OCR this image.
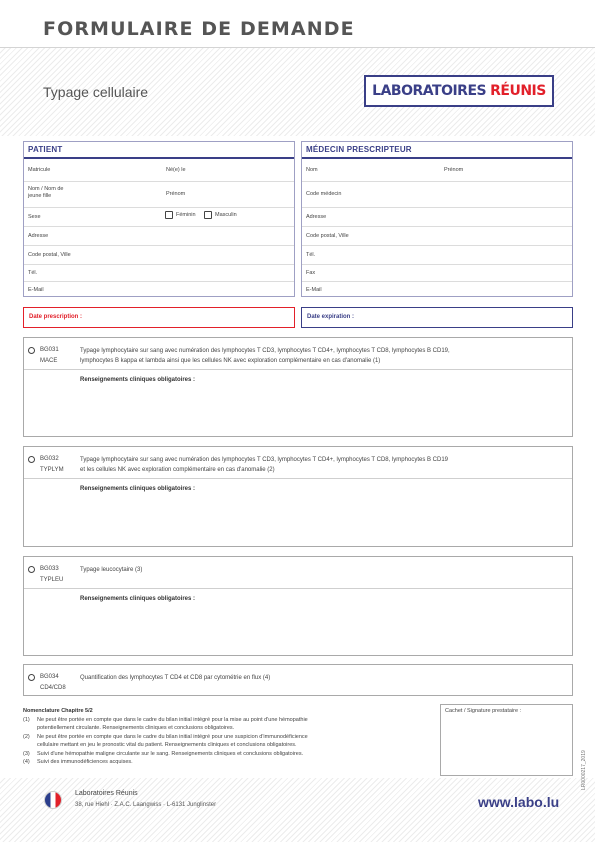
FORMULAIRE DE DEMANDE
Typage cellulaire	LABORATOIRES RÉUNIS
PATIENT
Matricule	Né(e) le
Nom / Nom de
jeune fille	Prénom
Sexe	Féminin	Masculin
Adresse
Code postal, Ville
Tél.
E-Mail
MÉDECIN PRESCRIPTEUR
Nom	Prénom
Code médecin
Adresse
Code postal, Ville
Tél.
Fax
E-Mail
Date prescription :	Date expiration :
BG031
MACE
Typage lymphocytaire sur sang avec numération des lymphocytes T CD3, lymphocytes T CD4+, lymphocytes T CD8, lymphocytes B CD19,
lymphocytes B kappa et lambda ainsi que les cellules NK avec exploration complémentaire en cas d'anomalie (1)
Renseignements cliniques obligatoires :
BG032
TYPLYM
Typage lymphocytaire sur sang avec numération des lymphocytes T CD3, lymphocytes T CD4+, lymphocytes T CD8, lymphocytes B CD19
et les cellules NK avec exploration complémentaire en cas d'anomalie (2)
Renseignements cliniques obligatoires :
BG033
TYPLEU
Typage leucocytaire (3)
Renseignements cliniques obligatoires :
BG034
CD4/CD8
Quantification des lymphocytes T CD4 et CD8 par cytométrie en flux (4)
Nomenclature Chapitre 5/2
(1)	Ne peut être portée en compte que dans le cadre du bilan initial intégré pour la mise au point d'une hémopathie
potentiellement circulante. Renseignements cliniques et conclusions obligatoires.
(2)	Ne peut être portée en compte que dans le cadre du bilan initial intégré pour une suspicion d'immunodéficience
cellulaire mettant en jeu le pronostic vital du patient. Renseignements cliniques et conclusions obligatoires.
(3)	Suivi d'une hémopathie maligne circulante sur le sang. Renseignements cliniques et conclusions obligatoires.
(4)	Suivi des immunodéficiences acquises.
Cachet / Signature prestataire :
Laboratoires Réunis
38, rue Hiehl · Z.A.C. Laangwiss · L-6131 Junglinster	www.labo.lu
LR0000217_2019
